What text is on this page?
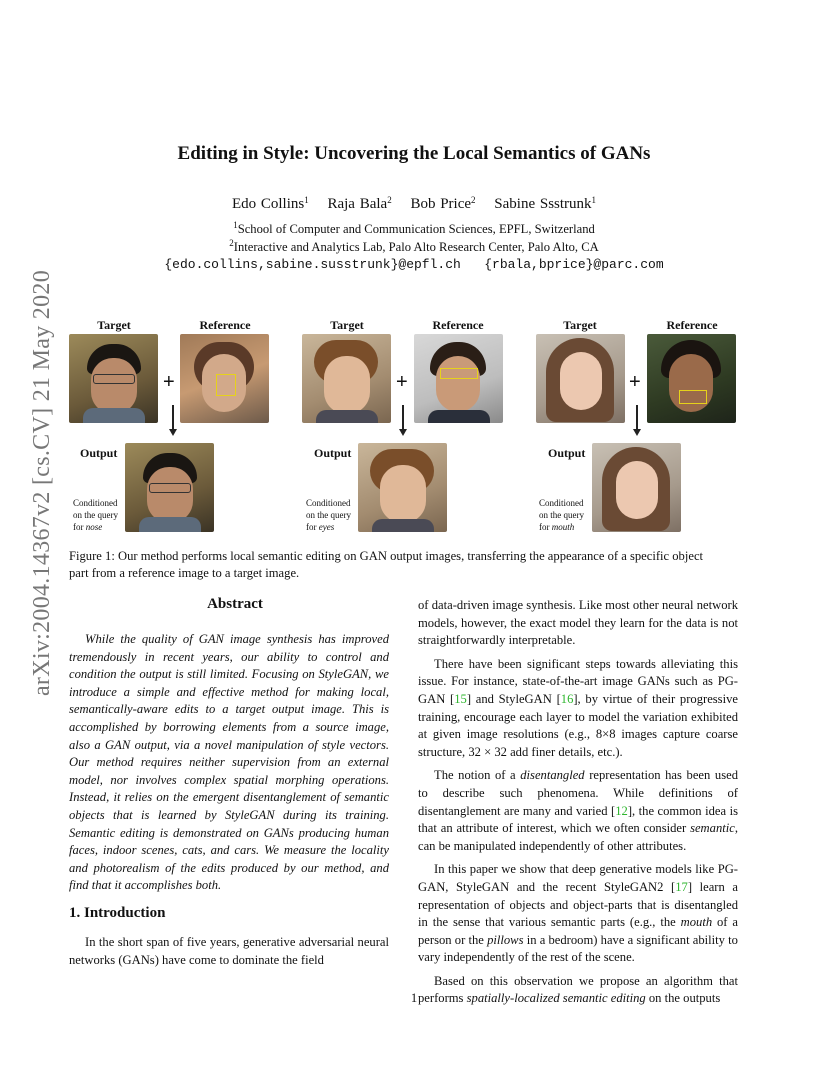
arXiv:2004.14367v2 [cs.CV] 21 May 2020
Editing in Style: Uncovering the Local Semantics of GANs
Edo Collins$^1$ Raja Bala$^2$ Bob Price$^2$ Sabine Ssstrunk$^1$
$^1$School of Computer and Communication Sciences, EPFL, Switzerland
$^2$Interactive and Analytics Lab, Palo Alto Research Center, Palo Alto, CA
{edo.collins,sabine.susstrunk}@epfl.ch   {rbala,bprice}@parc.com
Target	Reference	Target	Reference	Target	Reference
+
Output
Conditioned
on the query
for nose
+
Output
Conditioned
on the query
for eyes
+
Output
Conditioned
on the query
for mouth
Figure 1: Our method performs local semantic editing on GAN output images, transferring the appearance of a specific object
part from a reference image to a target image.
Abstract

While the quality of GAN image synthesis has improved tremendously in recent years, our ability to control and condition the output is still limited. Focusing on StyleGAN, we introduce a simple and effective method for making local, semantically-aware edits to a target output image. This is accomplished by borrowing elements from a source image, also a GAN output, via a novel manipulation of style vectors. Our method requires neither supervision from an external model, nor involves complex spatial morphing operations. Instead, it relies on the emergent disentanglement of semantic objects that is learned by StyleGAN during its training. Semantic editing is demonstrated on GANs producing human faces, indoor scenes, cats, and cars. We measure the locality and photorealism of the edits produced by our method, and find that it accomplishes both.

1. Introduction

In the short span of five years, generative adversarial neural networks (GANs) have come to dominate the field

of data-driven image synthesis. Like most other neural network models, however, the exact model they learn for the data is not straightforwardly interpretable.

There have been significant steps towards alleviating this issue. For instance, state-of-the-art image GANs such as PG-GAN [15] and StyleGAN [16], by virtue of their progressive training, encourage each layer to model the variation exhibited at given image resolutions (e.g., 8×8 images capture coarse structure, 32 × 32 add finer details, etc.).

The notion of a disentangled representation has been used to describe such phenomena. While definitions of disentanglement are many and varied [12], the common idea is that an attribute of interest, which we often consider semantic, can be manipulated independently of other attributes.

In this paper we show that deep generative models like PG-GAN, StyleGAN and the recent StyleGAN2 [17] learn a representation of objects and object-parts that is disentangled in the sense that various semantic parts (e.g., the mouth of a person or the pillows in a bedroom) have a significant ability to vary independently of the rest of the scene.

Based on this observation we propose an algorithm that performs spatially-localized semantic editing on the outputs

1
